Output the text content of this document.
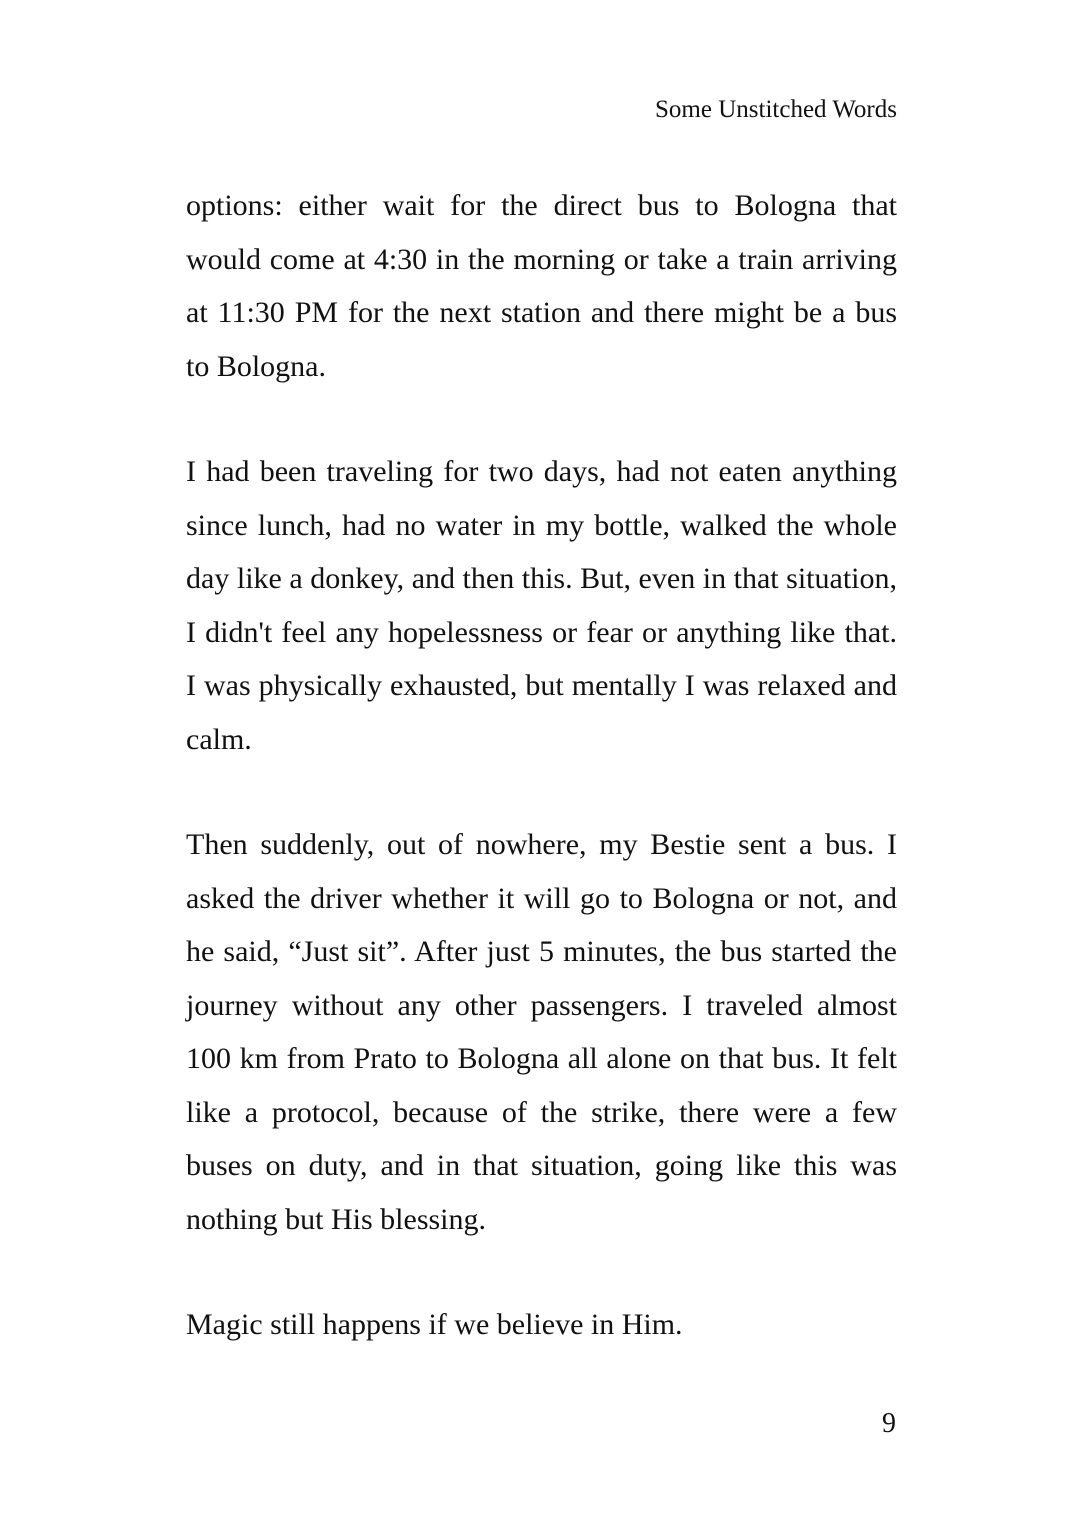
Some Unstitched Words

options: either wait for the direct bus to Bologna that would come at 4:30 in the morning or take a train arriving at 11:30 PM for the next station and there might be a bus to Bologna.

I had been traveling for two days, had not eaten anything since lunch, had no water in my bottle, walked the whole day like a donkey, and then this. But, even in that situation, I didn't feel any hopelessness or fear or anything like that. I was physically exhausted, but mentally I was relaxed and calm.

Then suddenly, out of nowhere, my Bestie sent a bus. I asked the driver whether it will go to Bologna or not, and he said, “Just sit”. After just 5 minutes, the bus started the journey without any other passengers. I traveled almost 100 km from Prato to Bologna all alone on that bus. It felt like a protocol, because of the strike, there were a few buses on duty, and in that situation, going like this was nothing but His blessing.

Magic still happens if we believe in Him.

9
